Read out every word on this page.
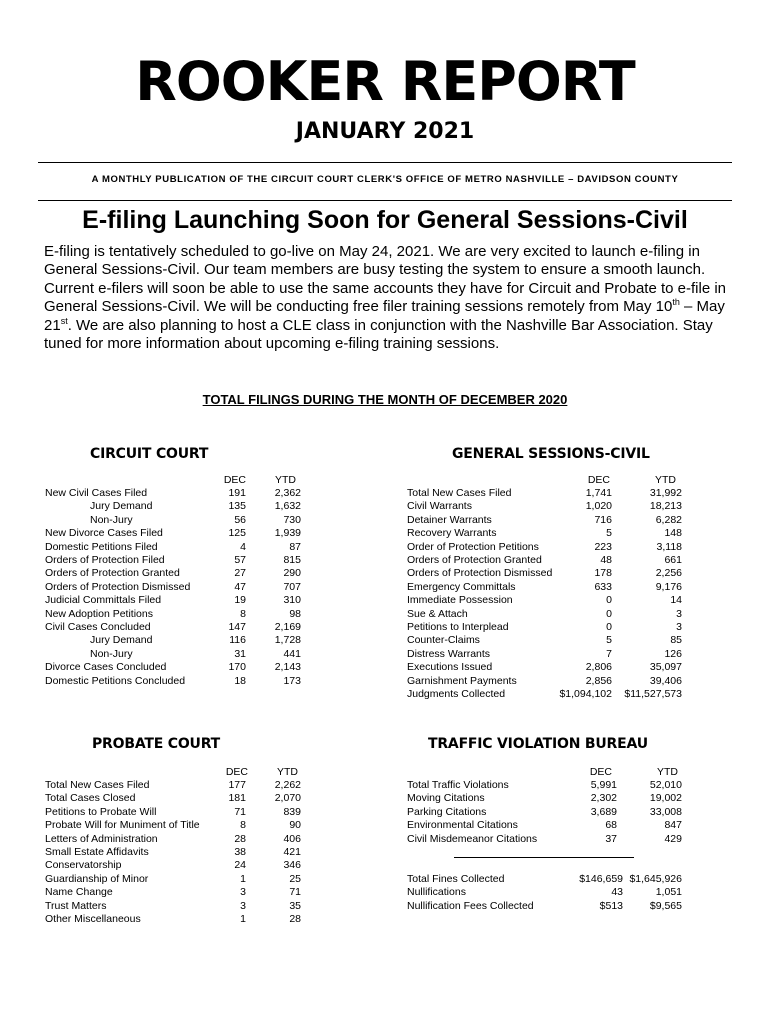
ROOKER REPORT
JANUARY 2021
A MONTHLY PUBLICATION OF THE CIRCUIT COURT CLERK'S OFFICE OF METRO NASHVILLE – DAVIDSON COUNTY
E-filing Launching Soon for General Sessions-Civil
E-filing is tentatively scheduled to go-live on May 24, 2021. We are very excited to launch e-filing in General Sessions-Civil. Our team members are busy testing the system to ensure a smooth launch. Current e-filers will soon be able to use the same accounts they have for Circuit and Probate to e-file in General Sessions-Civil. We will be conducting free filer training sessions remotely from May 10th – May 21st. We are also planning to host a CLE class in conjunction with the Nashville Bar Association. Stay tuned for more information about upcoming e-filing training sessions.
TOTAL FILINGS DURING THE MONTH OF DECEMBER 2020
CIRCUIT COURT
DEC	YTD
New Civil Cases Filed	191	2,362
Jury Demand	135	1,632
Non-Jury	56	730
New Divorce Cases Filed	125	1,939
Domestic Petitions Filed	4	87
Orders of Protection Filed	57	815
Orders of Protection Granted	27	290
Orders of Protection Dismissed	47	707
Judicial Committals Filed	19	310
New Adoption Petitions	8	98
Civil Cases Concluded	147	2,169
Jury Demand	116	1,728
Non-Jury	31	441
Divorce Cases Concluded	170	2,143
Domestic Petitions Concluded	18	173
GENERAL SESSIONS-CIVIL
DEC	YTD
Total New Cases Filed	1,741	31,992
Civil Warrants	1,020	18,213
Detainer Warrants	716	6,282
Recovery Warrants	5	148
Order of Protection Petitions	223	3,118
Orders of Protection Granted	48	661
Orders of Protection Dismissed	178	2,256
Emergency Committals	633	9,176
Immediate Possession	0	14
Sue & Attach	0	3
Petitions to Interplead	0	3
Counter-Claims	5	85
Distress Warrants	7	126
Executions Issued	2,806	35,097
Garnishment Payments	2,856	39,406
Judgments Collected	$1,094,102	$11,527,573
PROBATE COURT
DEC	YTD
Total New Cases Filed	177	2,262
Total Cases Closed	181	2,070
Petitions to Probate Will	71	839
Probate Will for Muniment of Title	8	90
Letters of Administration	28	406
Small Estate Affidavits	38	421
Conservatorship	24	346
Guardianship of Minor	1	25
Name Change	3	71
Trust Matters	3	35
Other Miscellaneous	1	28
TRAFFIC VIOLATION BUREAU
DEC	YTD
Total Traffic Violations	5,991	52,010
Moving Citations	2,302	19,002
Parking Citations	3,689	33,008
Environmental Citations	68	847
Civil Misdemeanor Citations	37	429
Total Fines Collected	$146,659 $1,645,926
Nullifications	43	1,051
Nullification Fees Collected	$513	$9,565
